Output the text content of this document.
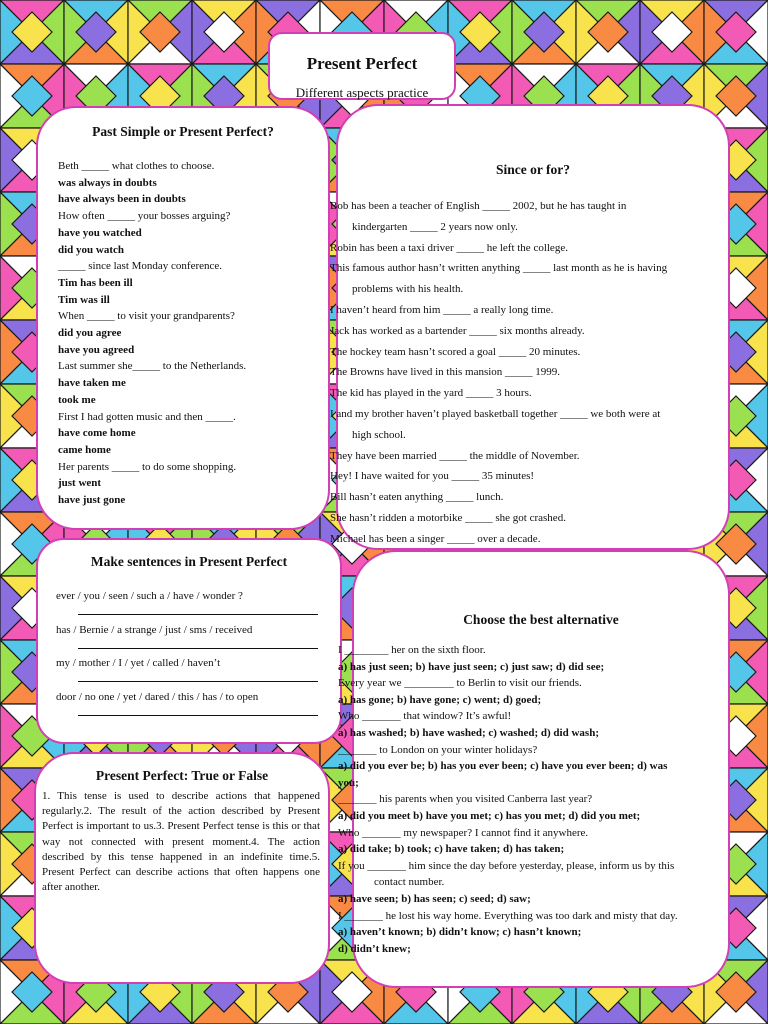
Present Perfect
Different aspects practice
Past Simple or Present Perfect?
Beth _____ what clothes to choose.
was always in doubts
have always been in doubts
How often _____ your bosses arguing?
have you watched
did you watch
_____ since last Monday conference.
Tim has been ill
Tim was ill
When _____ to visit your grandparents?
did you agree
have you agreed
Last summer she_____ to the Netherlands.
have taken me
took me
First I had gotten music and then _____.
have come home
came home
Her parents _____ to do some shopping.
just went
have just gone
Since or for?
Bob has been a teacher of English _____ 2002, but he has taught in
kindergarten _____ 2 years now only.
Robin has been a taxi driver _____ he left the college.
This famous author hasn’t written anything _____ last month as he is having
problems with his health.
I haven’t heard from him _____ a really long time.
Jack has worked as a bartender _____ six months already.
The hockey team hasn’t scored a goal _____ 20 minutes.
The Browns have lived in this mansion _____ 1999.
The kid has played in the yard _____ 3 hours.
I and my brother haven’t played basketball together _____ we both were at
high school.
They have been married _____ the middle of November.
Hey! I have waited for you _____ 35 minutes!
Bill hasn’t eaten anything _____ lunch.
She hasn’t ridden a motorbike _____ she got crashed.
Michael has been a singer _____ over a decade.
Make sentences in Present Perfect
ever / you / seen / such a / have / wonder ?
has / Bernie / a strange / just / sms / received
my / mother / I / yet / called / haven’t
door / no one / yet / dared / this / has / to open
Present Perfect: True or False
1. This tense is used to describe actions that happened regularly.2. The result of the action described by Present Perfect is important to us.3. Present Perfect tense is this or that way not connected with present moment.4. The action described by this tense happened in an indefinite time.5. Present Perfect can describe actions that often happens one after another.
Choose the best alternative
I ________ her on the sixth floor.
a) has just seen; b) have just seen; c) just saw; d) did see;
Every year we _________ to Berlin to visit our friends.
a) has gone; b) have gone; c) went; d) goed;
Who _______ that window? It’s awful!
a) has washed; b) have washed; c) washed; d) did wash;
_______ to London on your winter holidays?
a) did you ever be; b) has you ever been; c) have you ever been; d) was
you;
_______ his parents when you visited Canberra last year?
a) did you meet b) have you met; c) has you met; d) did you met;
Who _______ my newspaper? I cannot find it anywhere.
a) did take; b) took; c) have taken; d) has taken;
If you _______ him since the day before yesterday, please, inform us by this
contact number.
a) have seen; b) has seen; c) seed; d) saw;
I _______ he lost his way home. Everything was too dark and misty that day.
a) haven’t known; b) didn’t know; c) hasn’t known;
d) didn’t knew;
